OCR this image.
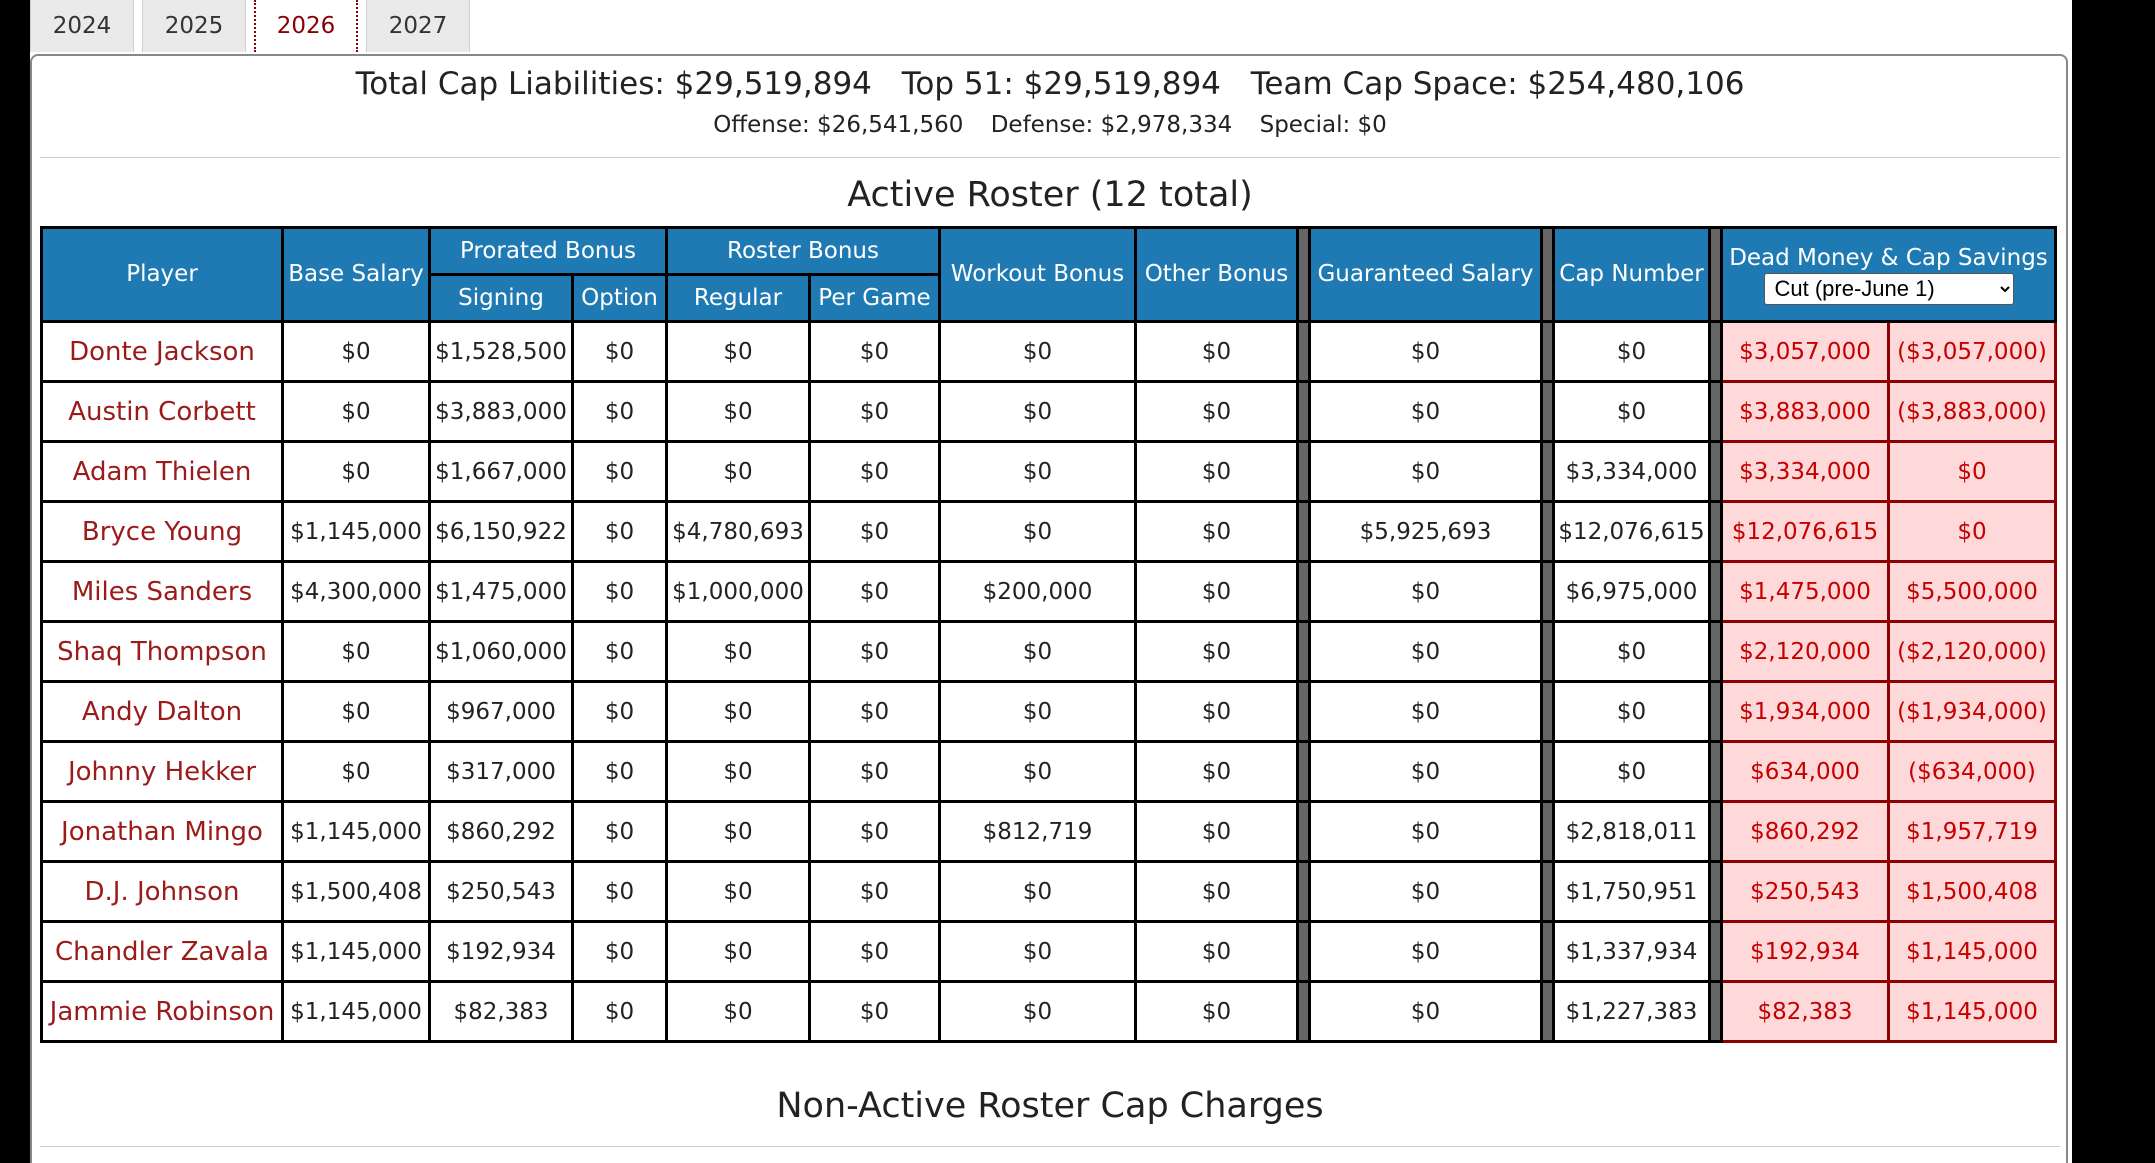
2024	2025	2026	2027
Total Cap Liabilities: $29,519,894 Top 51: $29,519,894 Team Cap Space: $254,480,106
Offense: $26,541,560 Defense: $2,978,334 Special: $0
Active Roster (12 total)
Player	Base Salary	Prorated Bonus		Roster Bonus		Workout Bonus	Other Bonus		Guaranteed Salary		Cap Number		Dead Money & Cap Savings
Cut (pre-June 1)
		Signing	Option	Regular	Per Game									
Donte Jackson	$0	$1,528,500	$0	$0	$0	$0	$0		$0		$0		$3,057,000	($3,057,000)
Austin Corbett	$0	$3,883,000	$0	$0	$0	$0	$0		$0		$0		$3,883,000	($3,883,000)
Adam Thielen	$0	$1,667,000	$0	$0	$0	$0	$0		$0		$3,334,000		$3,334,000	$0
Bryce Young	$1,145,000	$6,150,922	$0	$4,780,693	$0	$0	$0		$5,925,693		$12,076,615		$12,076,615	$0
Miles Sanders	$4,300,000	$1,475,000	$0	$1,000,000	$0	$200,000	$0		$0		$6,975,000		$1,475,000	$5,500,000
Shaq Thompson	$0	$1,060,000	$0	$0	$0	$0	$0		$0		$0		$2,120,000	($2,120,000)
Andy Dalton	$0	$967,000	$0	$0	$0	$0	$0		$0		$0		$1,934,000	($1,934,000)
Johnny Hekker	$0	$317,000	$0	$0	$0	$0	$0		$0		$0		$634,000	($634,000)
Jonathan Mingo	$1,145,000	$860,292	$0	$0	$0	$812,719	$0		$0		$2,818,011		$860,292	$1,957,719
D.J. Johnson	$1,500,408	$250,543	$0	$0	$0	$0	$0		$0		$1,750,951		$250,543	$1,500,408
Chandler Zavala	$1,145,000	$192,934	$0	$0	$0	$0	$0		$0		$1,337,934		$192,934	$1,145,000
Jammie Robinson	$1,145,000	$82,383	$0	$0	$0	$0	$0		$0		$1,227,383		$82,383	$1,145,000
Non-Active Roster Cap Charges
